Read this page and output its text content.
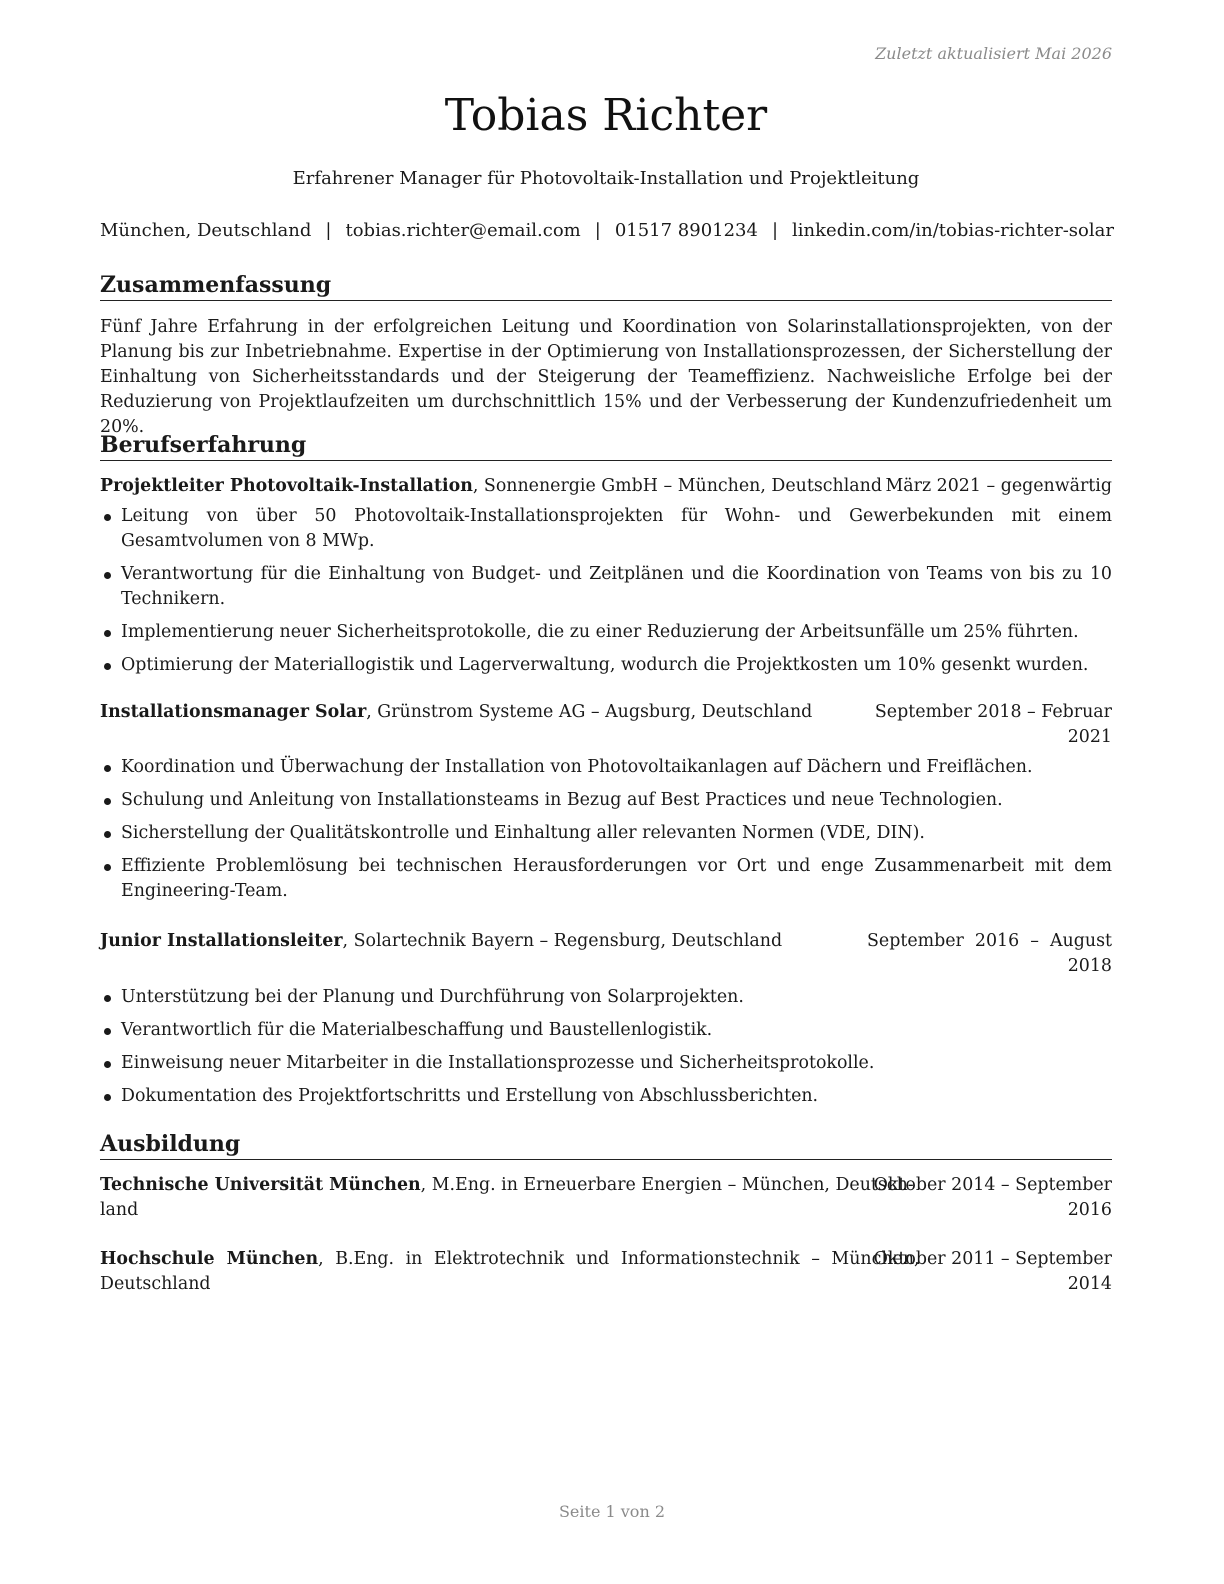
Zuletzt aktualisiert Mai 2026
Tobias Richter
Erfahrener Manager für Photovoltaik-Installation und Projektleitung
München, Deutschland | tobias.richter@email.com | 01517 8901234 | linkedin.com/in/tobias-richter-solar
Zusammenfassung
Fünf Jahre Erfahrung in der erfolgreichen Leitung und Koordination von Solarinstallationsprojekten, von der Planung bis zur Inbetriebnahme. Expertise in der Optimierung von Installationsprozessen, der Sicherstellung der Einhaltung von Sicherheitsstandards und der Steigerung der Teameffizienz. Nachweisliche Erfolge bei der Reduzierung von Projektlaufzeiten um durchschnittlich 15% und der Verbesserung der Kundenzufriedenheit um 20%.
Berufserfahrung
Projektleiter Photovoltaik-Installation, Sonnenergie GmbH – München, Deutschland März 2021 – gegenwärtig
Leitung von über 50 Photovoltaik-Installationsprojekten für Wohn- und Gewerbekunden mit einem Gesamtvolumen von 8 MWp.
Verantwortung für die Einhaltung von Budget- und Zeitplänen und die Koordination von Teams von bis zu 10 Technikern.
Implementierung neuer Sicherheitsprotokolle, die zu einer Reduzierung der Arbeitsunfälle um 25% führten.
Optimierung der Materiallogistik und Lagerverwaltung, wodurch die Projektkosten um 10% gesenkt wurden.
Installationsmanager Solar, Grünstrom Systeme AG – Augsburg, Deutschland	September 2018 – Februar
2021
Koordination und Überwachung der Installation von Photovoltaikanlagen auf Dächern und Freiflächen.
Schulung und Anleitung von Installationsteams in Bezug auf Best Practices und neue Technologien.
Sicherstellung der Qualitätskontrolle und Einhaltung aller relevanten Normen (VDE, DIN).
Effiziente Problemlösung bei technischen Herausforderungen vor Ort und enge Zusammenarbeit mit dem Engineering-Team.
Junior Installationsleiter, Solartechnik Bayern – Regensburg, Deutschland	September  2016  –  August
2018
Unterstützung bei der Planung und Durchführung von Solarprojekten.
Verantwortlich für die Materialbeschaffung und Baustellenlogistik.
Einweisung neuer Mitarbeiter in die Installationsprozesse und Sicherheitsprotokolle.
Dokumentation des Projektfortschritts und Erstellung von Abschlussberichten.
Ausbildung
Technische Universität München, M.Eng. in Erneuerbare Energien – München, Deutsch-
land
Oktober 2014 – September
2016
Hochschule München, B.Eng. in Elektrotechnik und Informationstechnik – München,
Deutschland
Oktober 2011 – September
2014
Seite 1 von 2
